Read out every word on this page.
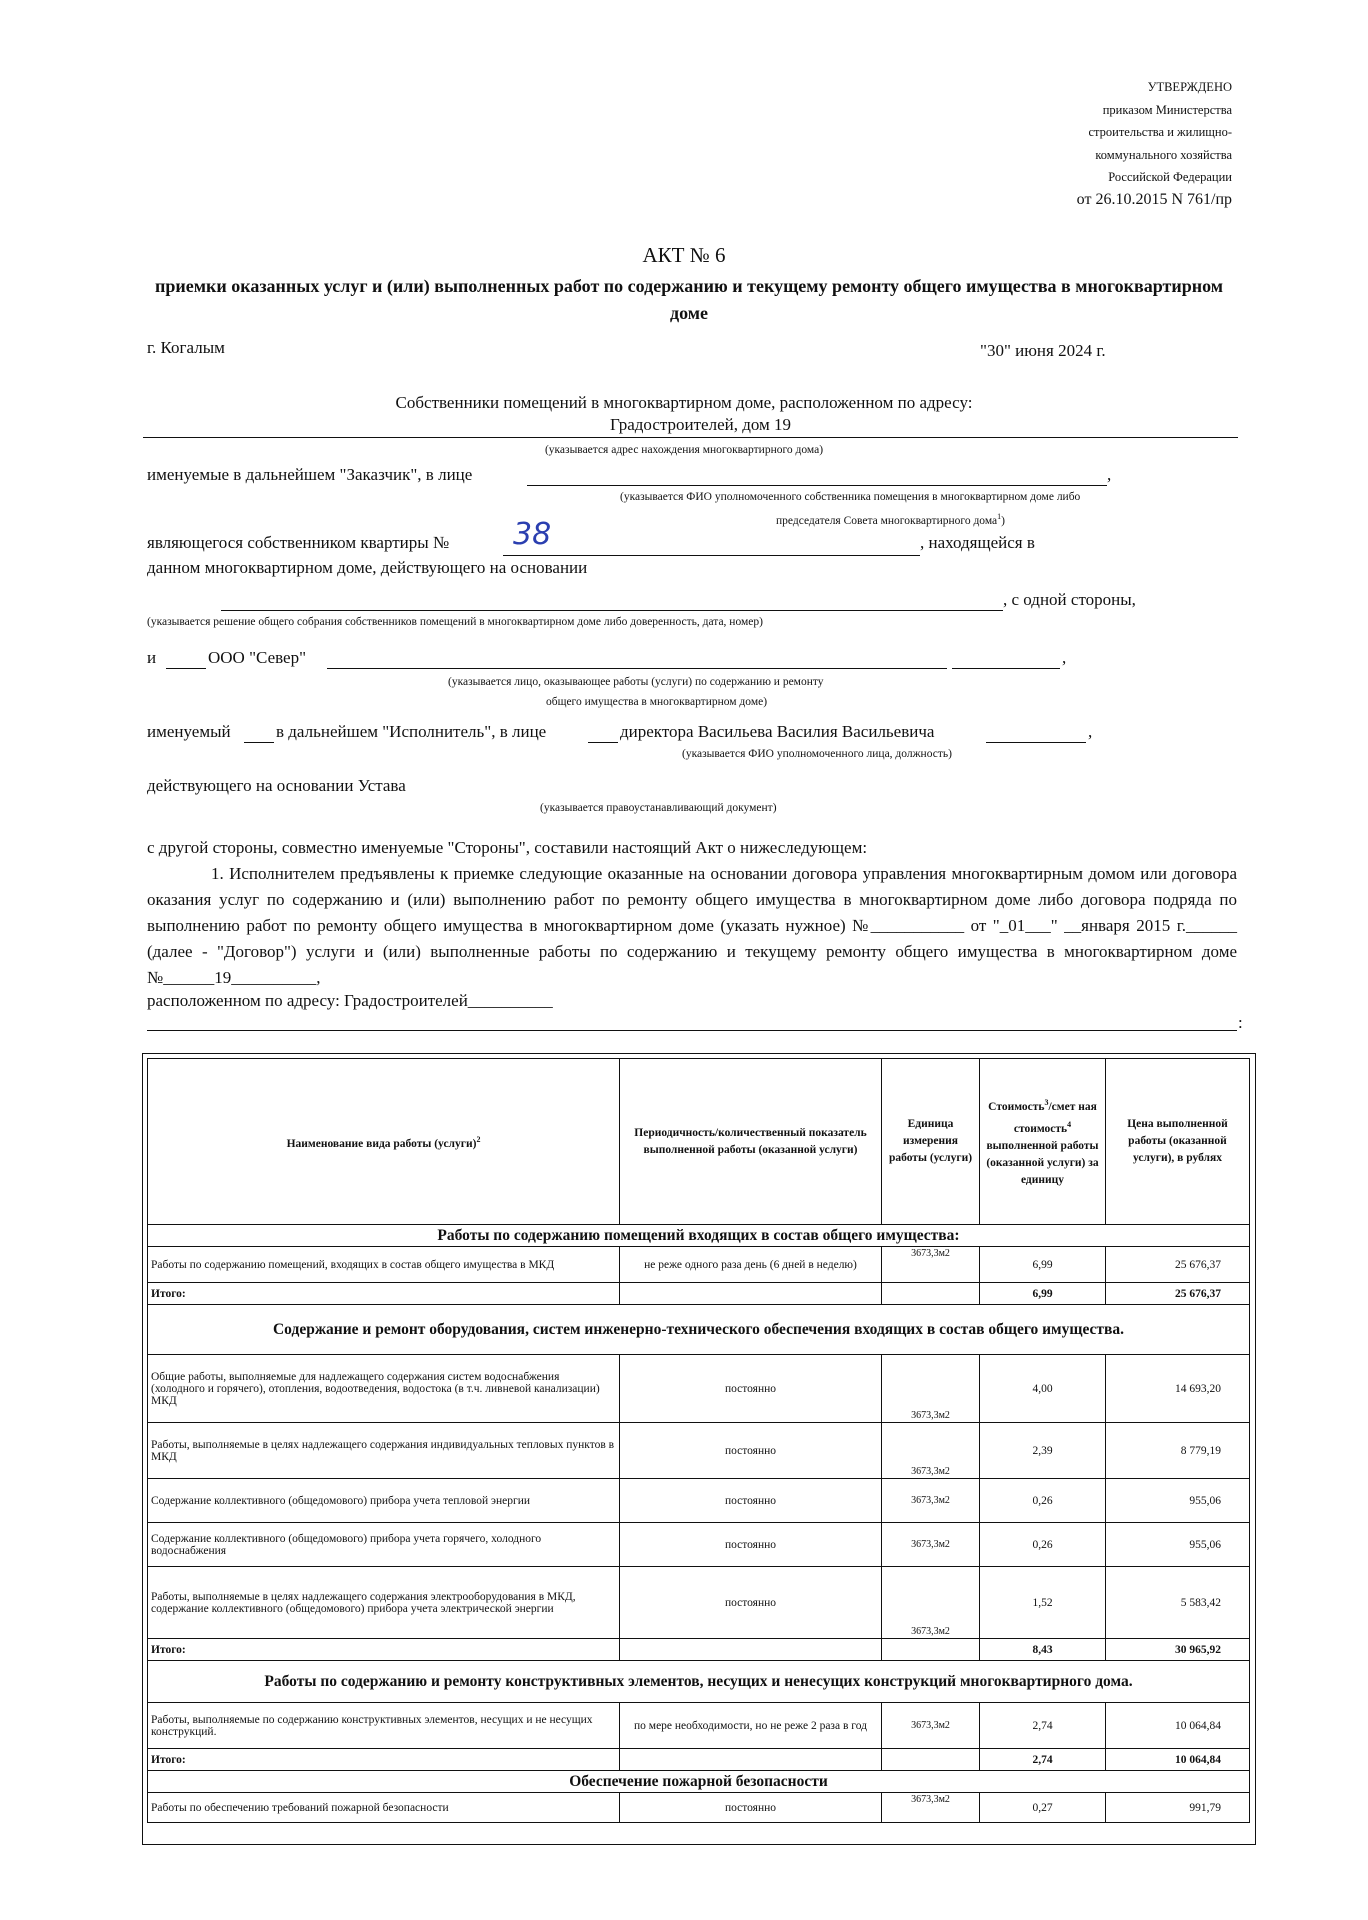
УТВЕРЖДЕНО
приказом Министерства
строительства и жилищно-
коммунального хозяйства
Российской Федерации
от 26.10.2015 N 761/пр
АКТ № 6
приемки оказанных услуг и (или) выполненных работ по содержанию и текущему ремонту общего имущества в многоквартирном доме
г. Когалым	"30" июня 2024 г.
Собственники помещений в многоквартирном доме, расположенном по адресу:
Градостроителей, дом 19
(указывается адрес нахождения многоквартирного дома)
именуемые в дальнейшем "Заказчик", в лице	,
(указывается ФИО уполномоченного собственника помещения в многоквартирном доме либо
председателя Совета многоквартирного дома$^1$)
являющегося собственником квартиры № 38	, находящейся в
данном многоквартирном доме, действующего на основании
, с одной стороны,
(указывается решение общего собрания собственников помещений в многоквартирном доме либо доверенность, дата, номер)
и	ООО "Север"	,
(указывается лицо, оказывающее работы (услуги) по содержанию и ремонту
общего имущества в многоквартирном доме)
именуемый	в дальнейшем "Исполнитель", в лице	директора Васильева Василия Васильевича	,
(указывается ФИО уполномоченного лица, должность)
действующего на основании Устава
(указывается правоустанавливающий документ)
с другой стороны, совместно именуемые "Стороны", составили настоящий Акт о нижеследующем:
1. Исполнителем предъявлены к приемке следующие оказанные на основании договора управления многоквартирным домом или договора оказания услуг по содержанию и (или) выполнению работ по ремонту общего имущества в многоквартирном доме либо договора подряда по выполнению работ по ремонту общего имущества в многоквартирном доме (указать нужное) №___________ от "_01___" __января 2015 г.______ (далее - "Договор") услуги и (или) выполненные работы по содержанию и текущему ремонту общего имущества в многоквартирном доме №______19__________,
расположенном по адресу: Градостроителей__________
:
Наименование вида работы (услуги)$^2$	Периодичность/количественный показатель выполненной работы (оказанной услуги)	Единица измерения работы (услуги)	Стоимость$^3$/смет ная стоимость$^4$ выполненной работы (оказанной услуги) за единицу	Цена выполненной работы (оказанной услуги), в рублях
Работы по содержанию помещений входящих в состав общего имущества:				
Работы по содержанию помещений, входящих в состав общего имущества в МКД	не реже одного раза день (6 дней в неделю)	3673,3м2	6,99	25 676,37
Итого:			6,99	25 676,37
Содержание и ремонт оборудования, систем инженерно-технического обеспечения входящих в состав общего имущества.				
Общие работы, выполняемые для надлежащего содержания систем водоснабжения (холодного и горячего), отопления, водоотведения, водостока (в т.ч. ливневой канализации) МКД	постоянно	3673,3м2	4,00	14 693,20
Работы, выполняемые в целях надлежащего содержания индивидуальных тепловых пунктов в МКД	постоянно	3673,3м2	2,39	8 779,19
Содержание коллективного (общедомового) прибора учета тепловой энергии	постоянно	3673,3м2	0,26	955,06
Содержание коллективного (общедомового) прибора учета горячего, холодного водоснабжения	постоянно	3673,3м2	0,26	955,06
Работы, выполняемые в целях надлежащего содержания электрооборудования в МКД, содержание коллективного (общедомового) прибора учета электрической энергии	постоянно	3673,3м2	1,52	5 583,42
Итого:			8,43	30 965,92
Работы по содержанию и ремонту конструктивных элементов, несущих и ненесущих конструкций многоквартирного дома.				
Работы, выполняемые по содержанию конструктивных элементов, несущих и не несущих конструкций.	по мере необходимости, но не реже 2 раза в год	3673,3м2	2,74	10 064,84
Итого:			2,74	10 064,84
Обеспечение пожарной безопасности				
Работы по обеспечению требований пожарной безопасности	постоянно	3673,3м2	0,27	991,79
